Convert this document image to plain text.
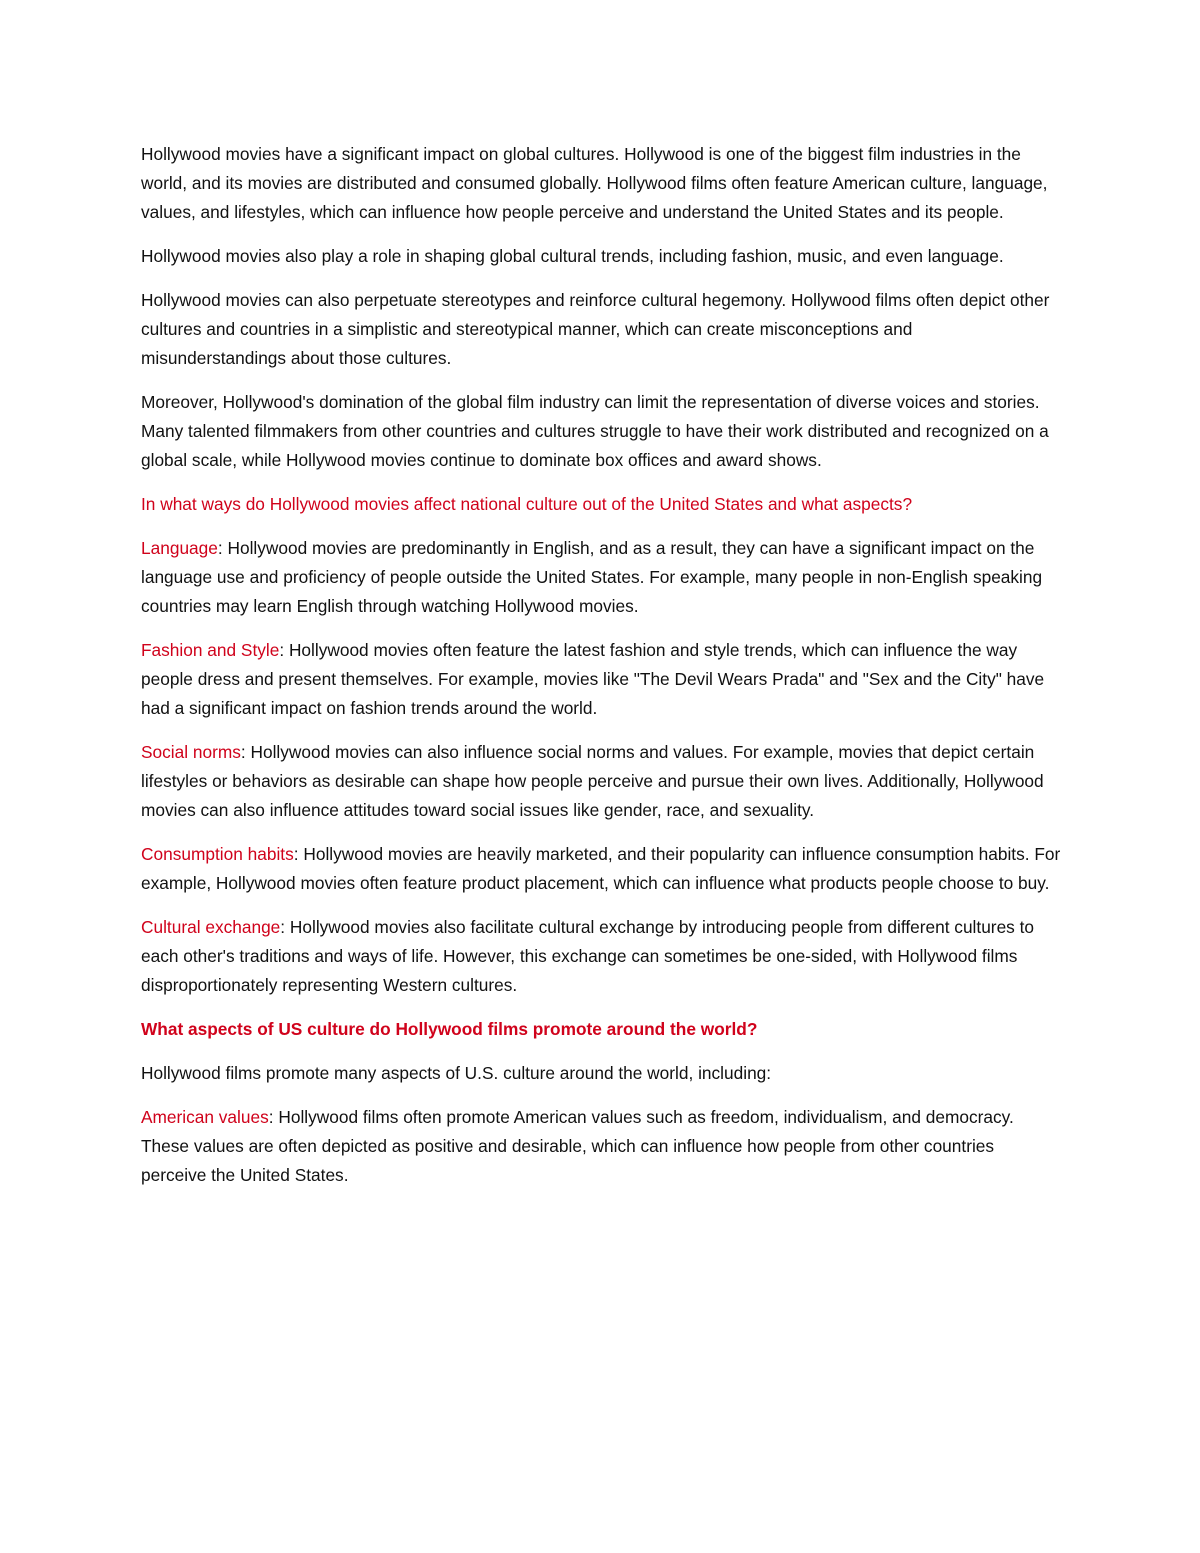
Hollywood movies have a significant impact on global cultures. Hollywood is one of the biggest film industries in the world, and its movies are distributed and consumed globally. Hollywood films often feature American culture, language, values, and lifestyles, which can influence how people perceive and understand the United States and its people.

Hollywood movies also play a role in shaping global cultural trends, including fashion, music, and even language.

Hollywood movies can also perpetuate stereotypes and reinforce cultural hegemony. Hollywood films often depict other cultures and countries in a simplistic and stereotypical manner, which can create misconceptions and misunderstandings about those cultures.

Moreover, Hollywood's domination of the global film industry can limit the representation of diverse voices and stories. Many talented filmmakers from other countries and cultures struggle to have their work distributed and recognized on a global scale, while Hollywood movies continue to dominate box offices and award shows.

In what ways do Hollywood movies affect national culture out of the United States and what aspects?

Language: Hollywood movies are predominantly in English, and as a result, they can have a significant impact on the language use and proficiency of people outside the United States. For example, many people in non-English speaking countries may learn English through watching Hollywood movies.

Fashion and Style: Hollywood movies often feature the latest fashion and style trends, which can influence the way people dress and present themselves. For example, movies like "The Devil Wears Prada" and "Sex and the City" have had a significant impact on fashion trends around the world.

Social norms: Hollywood movies can also influence social norms and values. For example, movies that depict certain lifestyles or behaviors as desirable can shape how people perceive and pursue their own lives. Additionally, Hollywood movies can also influence attitudes toward social issues like gender, race, and sexuality.

Consumption habits: Hollywood movies are heavily marketed, and their popularity can influence consumption habits. For example, Hollywood movies often feature product placement, which can influence what products people choose to buy.

Cultural exchange: Hollywood movies also facilitate cultural exchange by introducing people from different cultures to each other's traditions and ways of life. However, this exchange can sometimes be one-sided, with Hollywood films disproportionately representing Western cultures.

What aspects of US culture do Hollywood films promote around the world?

Hollywood films promote many aspects of U.S. culture around the world, including:

American values: Hollywood films often promote American values such as freedom, individualism, and democracy. These values are often depicted as positive and desirable, which can influence how people from other countries perceive the United States.
